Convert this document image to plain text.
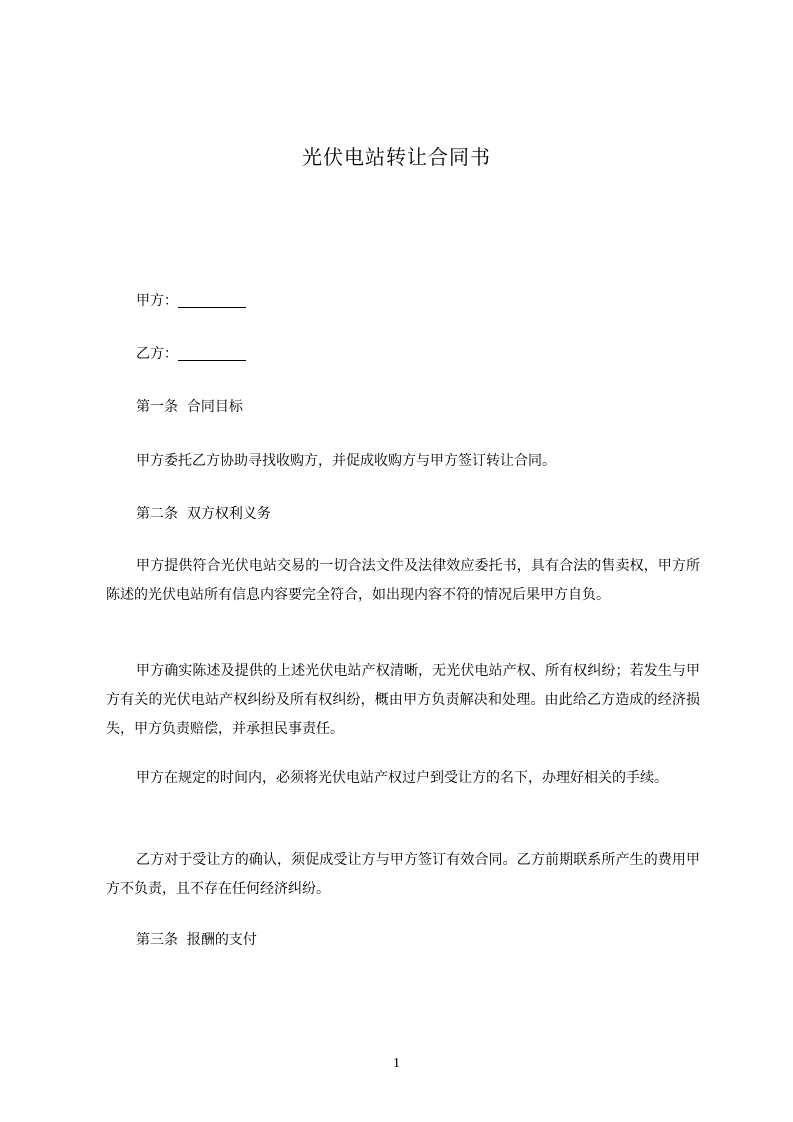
光伏电站转让合同书

甲方：

乙方：

第一条  合同目标

甲方委托乙方协助寻找收购方，并促成收购方与甲方签订转让合同。

第二条  双方权利义务

甲方提供符合光伏电站交易的一切合法文件及法律效应委托书，具有合法的售卖权，甲方所陈述的光伏电站所有信息内容要完全符合，如出现内容不符的情况后果甲方自负。

甲方确实陈述及提供的上述光伏电站产权清晰，无光伏电站产权、所有权纠纷；若发生与甲方有关的光伏电站产权纠纷及所有权纠纷，概由甲方负责解决和处理。由此给乙方造成的经济损失，甲方负责赔偿，并承担民事责任。

甲方在规定的时间内，必须将光伏电站产权过户到受让方的名下，办理好相关的手续。

乙方对于受让方的确认，须促成受让方与甲方签订有效合同。乙方前期联系所产生的费用甲方不负责，且不存在任何经济纠纷。

第三条  报酬的支付

1
